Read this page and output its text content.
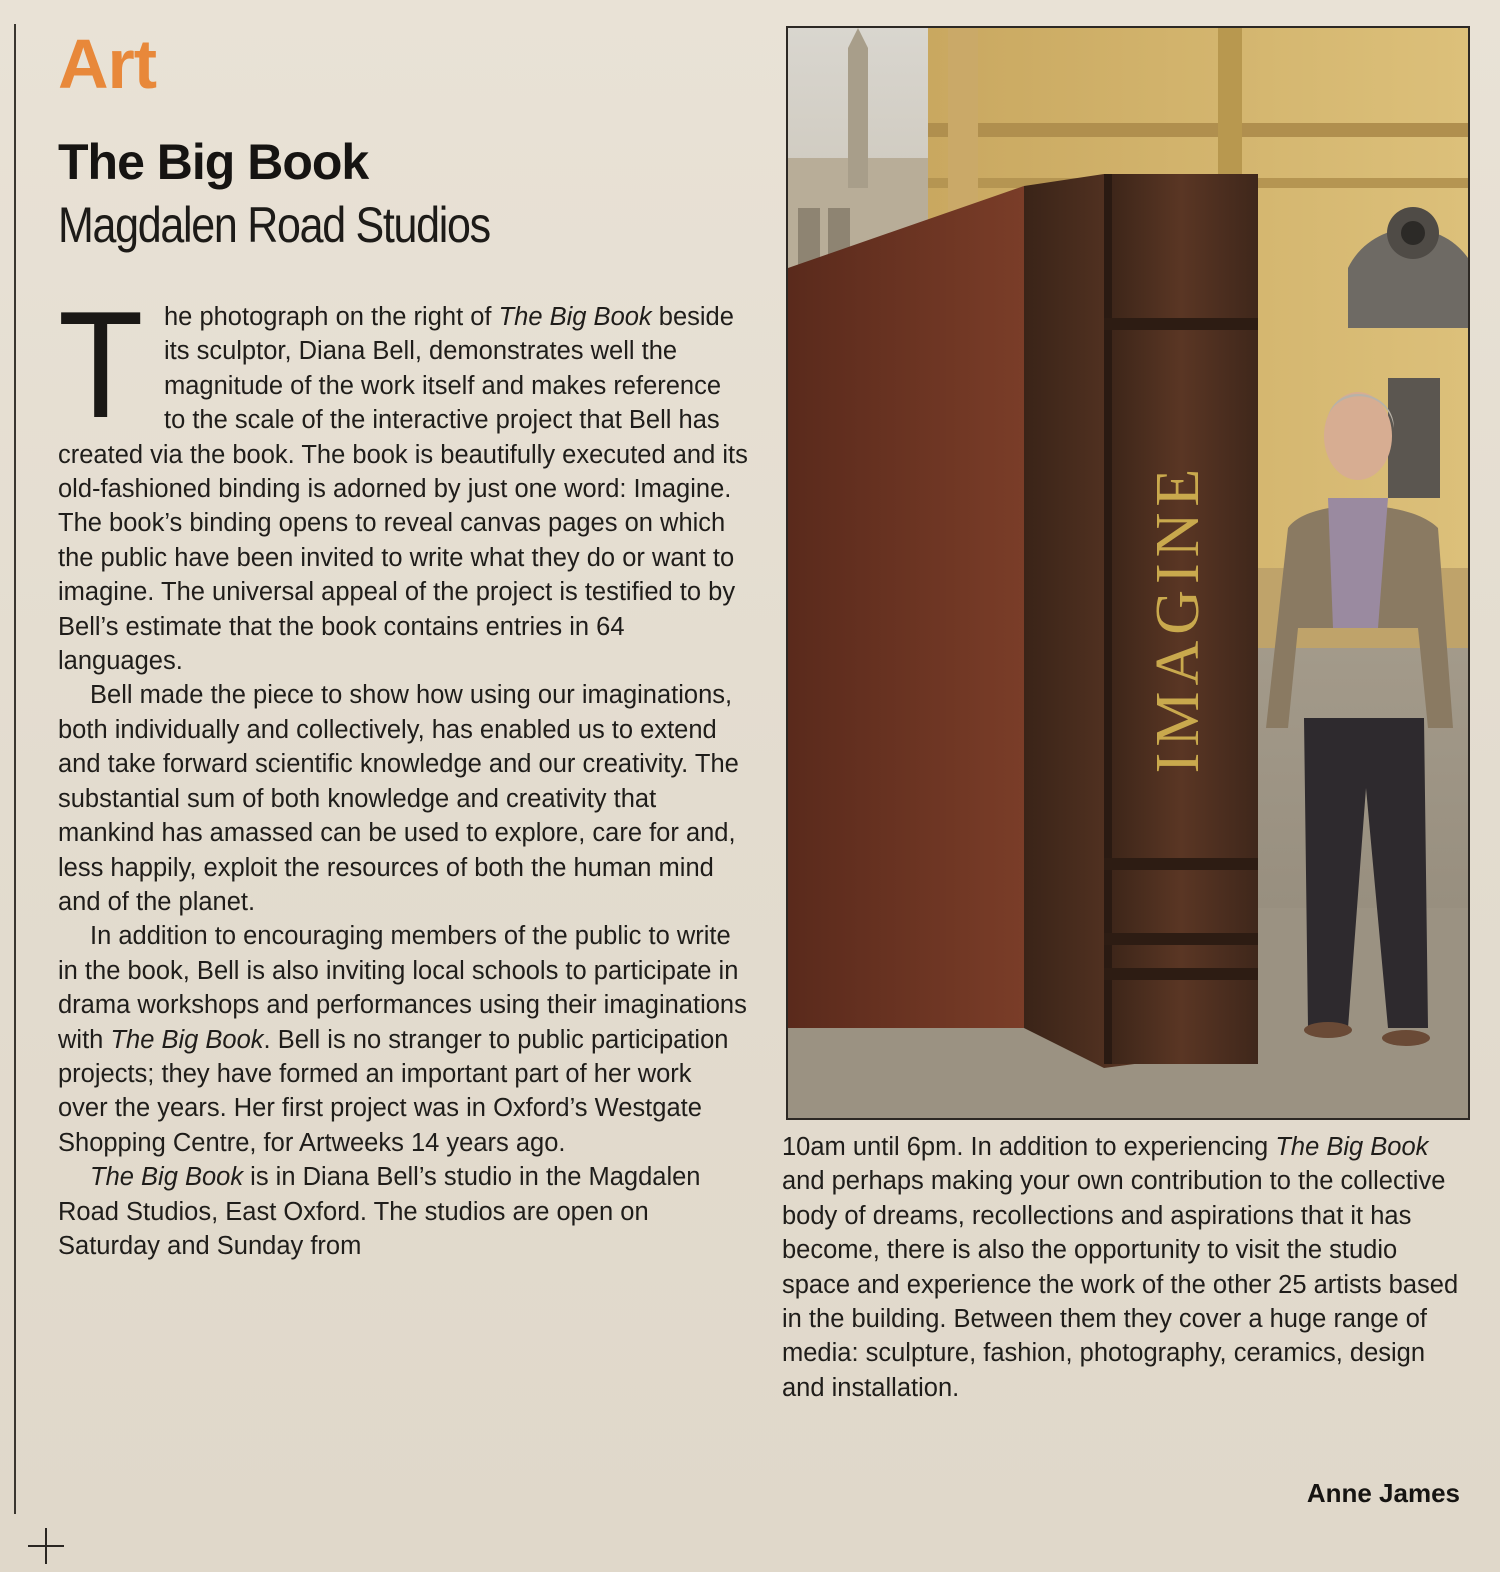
Art
The Big Book
Magdalen Road Studios

The photograph on the right of The Big Book beside its sculptor, Diana Bell, demonstrates well the magnitude of the work itself and makes reference to the scale of the interactive project that Bell has created via the book. The book is beautifully executed and its old-fashioned binding is adorned by just one word: Imagine. The book’s binding opens to reveal canvas pages on which the public have been invited to write what they do or want to imagine. The universal appeal of the project is testified to by Bell’s estimate that the book contains entries in 64 languages.

Bell made the piece to show how using our imaginations, both individually and collectively, has enabled us to extend and take forward scientific knowledge and our creativity. The substantial sum of both knowledge and creativity that mankind has amassed can be used to explore, care for and, less happily, exploit the resources of both the human mind and of the planet.

In addition to encouraging members of the public to write in the book, Bell is also inviting local schools to participate in drama workshops and performances using their imaginations with The Big Book. Bell is no stranger to public participation projects; they have formed an important part of her work over the years. Her first project was in Oxford’s Westgate Shopping Centre, for Artweeks 14 years ago.

The Big Book is in Diana Bell’s studio in the Magdalen Road Studios, East Oxford. The studios are open on Saturday and Sunday from

IMAGINE

10am until 6pm. In addition to experiencing The Big Book and perhaps making your own contribution to the collective body of dreams, recollections and aspirations that it has become, there is also the opportunity to visit the studio space and experience the work of the other 25 artists based in the building. Between them they cover a huge range of media: sculpture, fashion, photography, ceramics, design and installation.

Anne James
